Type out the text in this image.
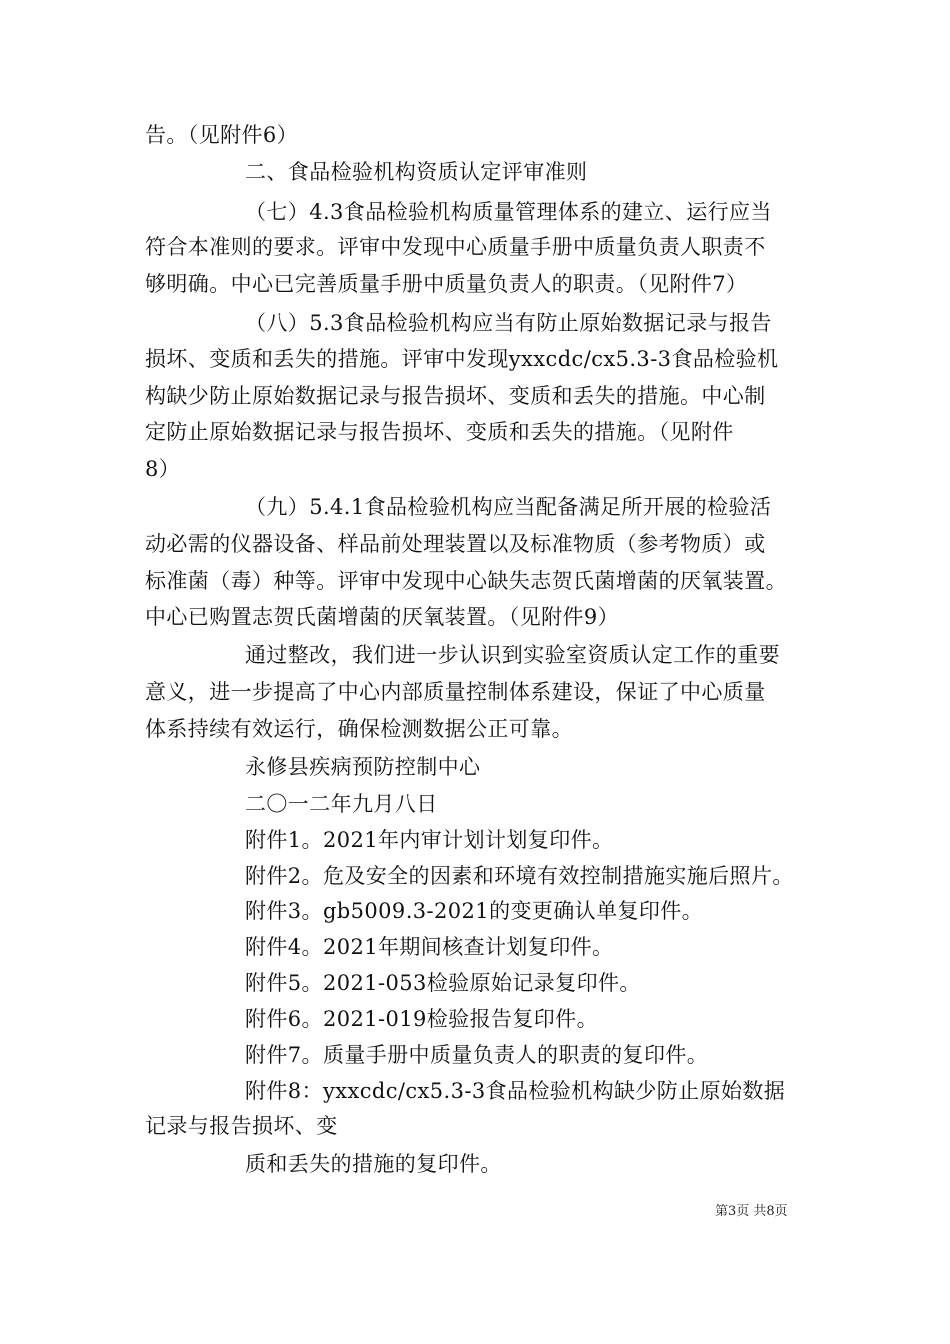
告。（见附件6）
二、食品检验机构资质认定评审准则
（七）4.3食品检验机构质量管理体系的建立、运行应当
符合本准则的要求。评审中发现中心质量手册中质量负责人职责不
够明确。中心已完善质量手册中质量负责人的职责。（见附件7）
（八）5.3食品检验机构应当有防止原始数据记录与报告
损坏、变质和丢失的措施。评审中发现yxxcdc/cx5.3-3食品检验机
构缺少防止原始数据记录与报告损坏、变质和丢失的措施。中心制
定防止原始数据记录与报告损坏、变质和丢失的措施。（见附件
8）
（九）5.4.1食品检验机构应当配备满足所开展的检验活
动必需的仪器设备、样品前处理装置以及标准物质（参考物质）或
标准菌（毒）种等。评审中发现中心缺失志贺氏菌增菌的厌氧装置。
中心已购置志贺氏菌增菌的厌氧装置。（见附件9）
通过整改，我们进一步认识到实验室资质认定工作的重要
意义，进一步提高了中心内部质量控制体系建设，保证了中心质量
体系持续有效运行，确保检测数据公正可靠。
永修县疾病预防控制中心
二〇一二年九月八日
附件1。2021年内审计划计划复印件。
附件2。危及安全的因素和环境有效控制措施实施后照片。
附件3。gb5009.3-2021的变更确认单复印件。
附件4。2021年期间核查计划复印件。
附件5。2021-053检验原始记录复印件。
附件6。2021-019检验报告复印件。
附件7。质量手册中质量负责人的职责的复印件。
附件8：yxxcdc/cx5.3-3食品检验机构缺少防止原始数据
记录与报告损坏、变
质和丢失的措施的复印件。
第3页 共8页
